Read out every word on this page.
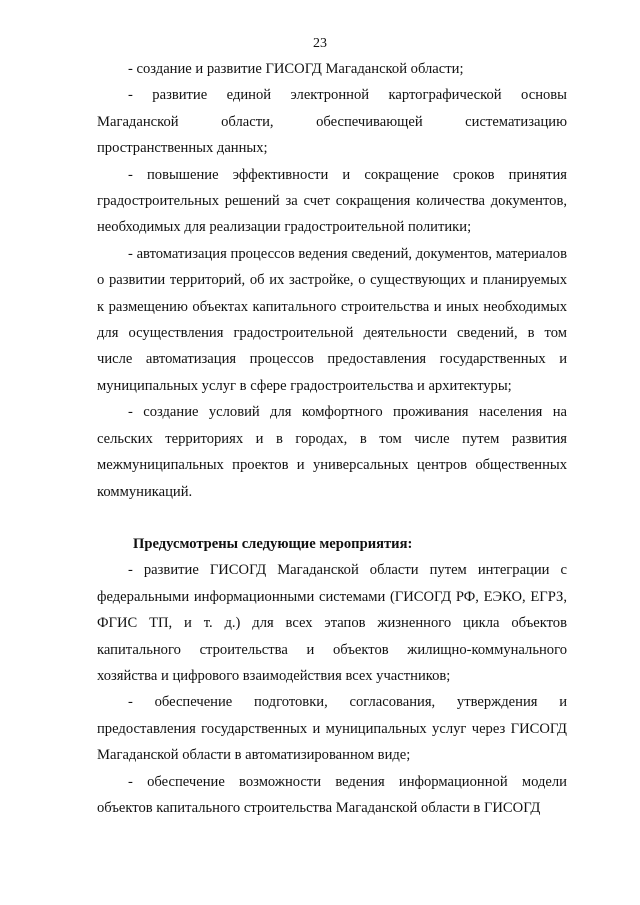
23

- создание и развитие ГИСОГД Магаданской области;

- развитие единой электронной картографической основы Магаданской области, обеспечивающей систематизацию пространственных данных;

- повышение эффективности и сокращение сроков принятия градостроительных решений за счет сокращения количества документов, необходимых для реализации градостроительной политики;

- автоматизация процессов ведения сведений, документов, материалов о развитии территорий, об их застройке, о существующих и планируемых к размещению объектах капитального строительства и иных необходимых для осуществления градостроительной деятельности сведений, в том числе автоматизация процессов предоставления государственных и муниципальных услуг в сфере градостроительства и архитектуры;

- создание условий для комфортного проживания населения на сельских территориях и в городах, в том числе путем развития межмуниципальных проектов и универсальных центров общественных коммуникаций.

Предусмотрены следующие мероприятия:

- развитие ГИСОГД Магаданской области путем интеграции с федеральными информационными системами (ГИСОГД РФ, ЕЭКО, ЕГРЗ, ФГИС ТП, и т. д.) для всех этапов жизненного цикла объектов капитального строительства и объектов жилищно-коммунального хозяйства и цифрового взаимодействия всех участников;

- обеспечение подготовки, согласования, утверждения и предоставления государственных и муниципальных услуг через ГИСОГД Магаданской области в автоматизированном виде;

- обеспечение возможности ведения информационной модели объектов капитального строительства Магаданской области в ГИСОГД
